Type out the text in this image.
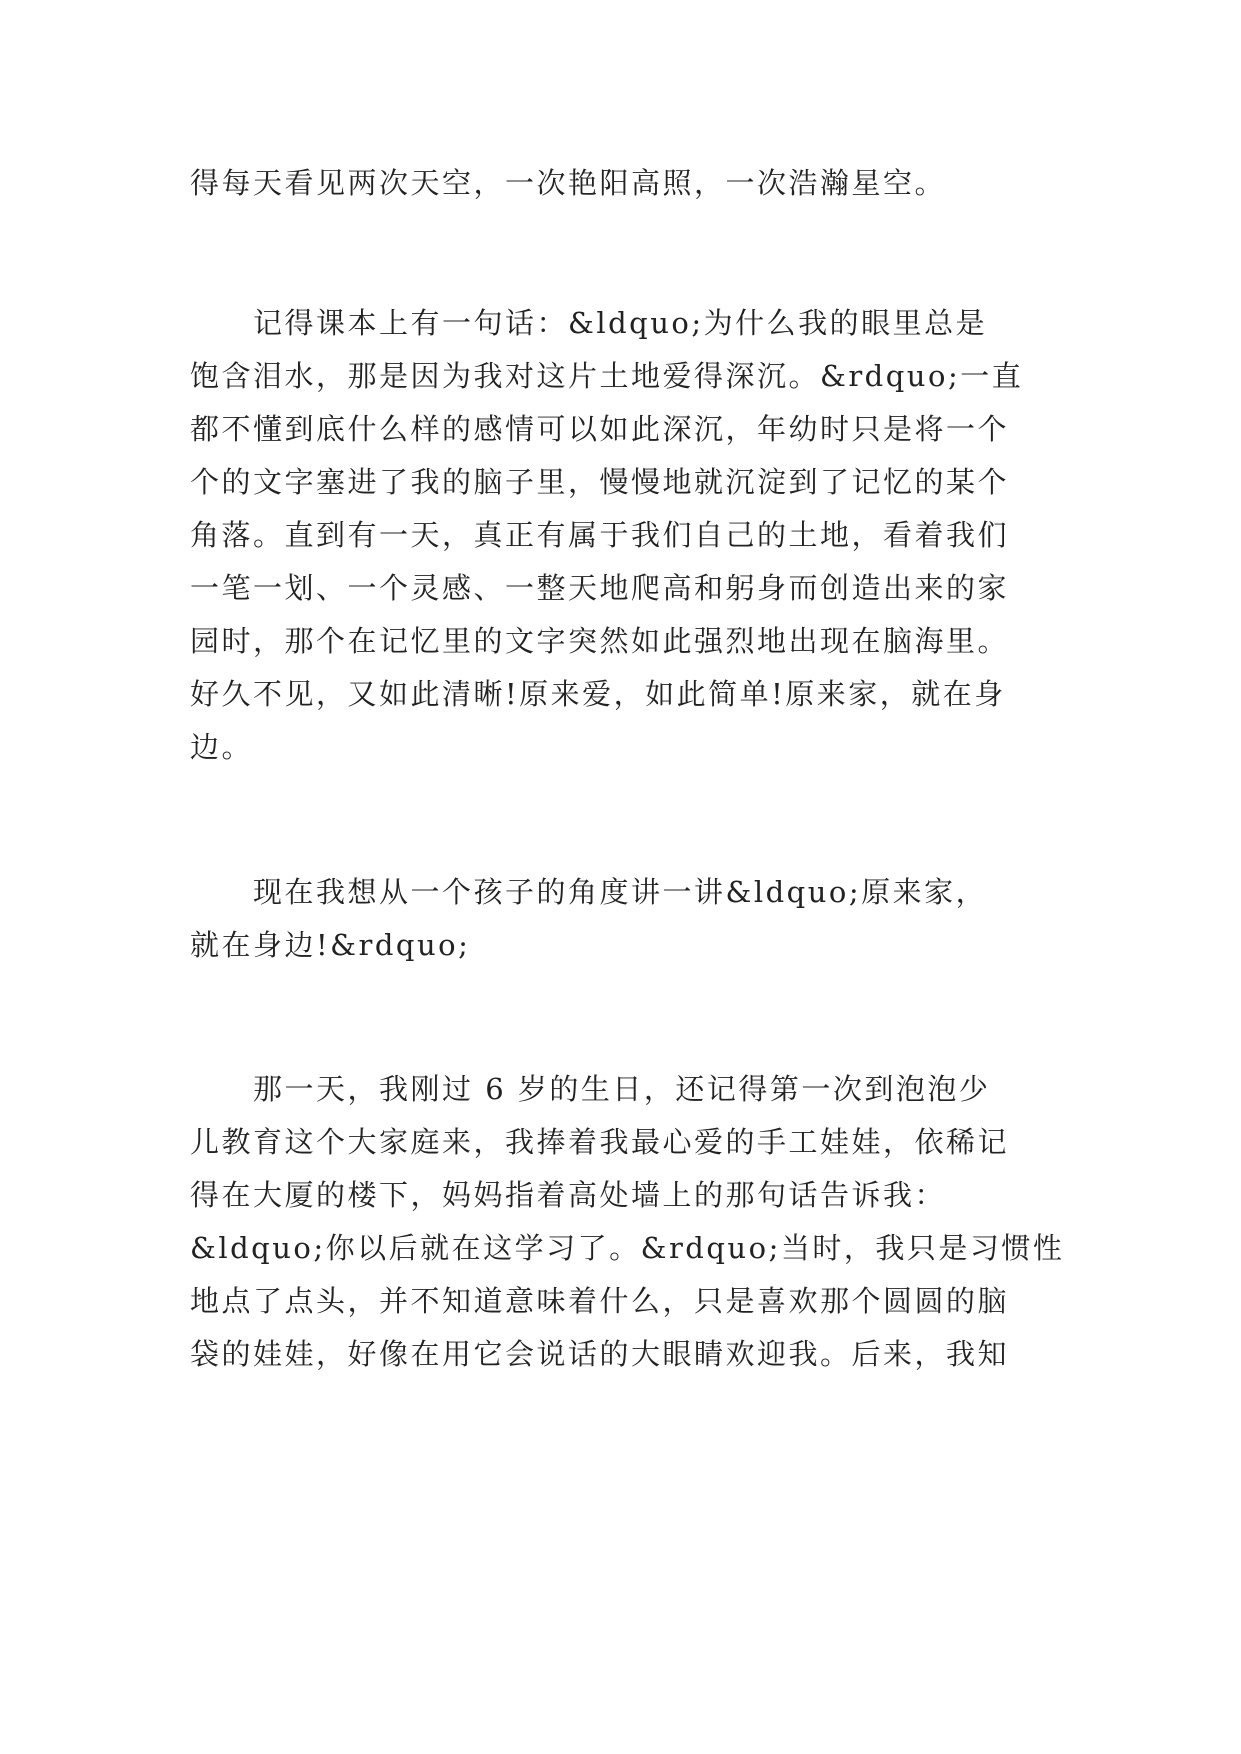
得每天看见两次天空，一次艳阳高照，一次浩瀚星空。
　　记得课本上有一句话：&ldquo;为什么我的眼里总是
饱含泪水，那是因为我对这片土地爱得深沉。&rdquo;一直
都不懂到底什么样的感情可以如此深沉，年幼时只是将一个
个的文字塞进了我的脑子里，慢慢地就沉淀到了记忆的某个
角落。直到有一天，真正有属于我们自己的土地，看着我们
一笔一划、一个灵感、一整天地爬高和躬身而创造出来的家
园时，那个在记忆里的文字突然如此强烈地出现在脑海里。
好久不见，又如此清晰!原来爱，如此简单!原来家，就在身
边。
　　现在我想从一个孩子的角度讲一讲&ldquo;原来家，
就在身边!&rdquo;
　　那一天，我刚过 6 岁的生日，还记得第一次到泡泡少
儿教育这个大家庭来，我捧着我最心爱的手工娃娃，依稀记
得在大厦的楼下，妈妈指着高处墙上的那句话告诉我：
&ldquo;你以后就在这学习了。&rdquo;当时，我只是习惯性
地点了点头，并不知道意味着什么，只是喜欢那个圆圆的脑
袋的娃娃，好像在用它会说话的大眼睛欢迎我。后来，我知
